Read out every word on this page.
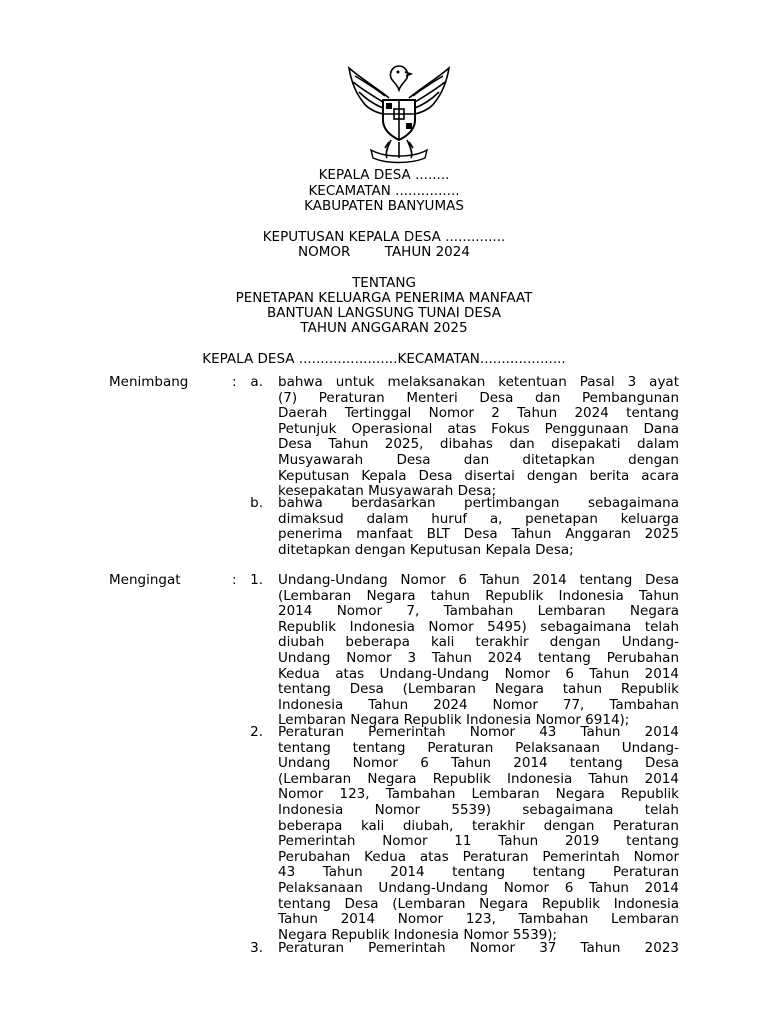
KEPALA DESA ........
KECAMATAN ...............
KABUPATEN BANYUMAS
KEPUTUSAN KEPALA DESA ..............
NOMOR        TAHUN 2024
TENTANG
PENETAPAN KELUARGA PENERIMA MANFAAT
BANTUAN LANGSUNG TUNAI DESA
TAHUN ANGGARAN 2025
KEPALA DESA .......................KECAMATAN....................
Menimbang	:	a. bahwa untuk melaksanakan ketentuan Pasal 3 ayat
(7) Peraturan Menteri Desa dan Pembangunan
Daerah Tertinggal Nomor 2 Tahun 2024 tentang
Petunjuk Operasional atas Fokus Penggunaan Dana
Desa Tahun 2025, dibahas dan disepakati dalam
Musyawarah Desa dan ditetapkan dengan
Keputusan Kepala Desa disertai dengan berita acara
kesepakatan Musyawarah Desa;
b. bahwa berdasarkan pertimbangan sebagaimana
dimaksud dalam huruf a, penetapan keluarga
penerima manfaat BLT Desa Tahun Anggaran 2025
ditetapkan dengan Keputusan Kepala Desa;
Mengingat	:	1. Undang-Undang Nomor 6 Tahun 2014 tentang Desa
(Lembaran Negara tahun Republik Indonesia Tahun
2014 Nomor 7, Tambahan Lembaran Negara
Republik Indonesia Nomor 5495) sebagaimana telah
diubah beberapa kali terakhir dengan Undang-
Undang Nomor 3 Tahun 2024 tentang Perubahan
Kedua atas Undang-Undang Nomor 6 Tahun 2014
tentang Desa (Lembaran Negara tahun Republik
Indonesia Tahun 2024 Nomor 77, Tambahan
Lembaran Negara Republik Indonesia Nomor 6914);
2. Peraturan Pemerintah Nomor 43 Tahun 2014
tentang tentang Peraturan Pelaksanaan Undang-
Undang Nomor 6 Tahun 2014 tentang Desa
(Lembaran Negara Republik Indonesia Tahun 2014
Nomor 123, Tambahan Lembaran Negara Republik
Indonesia Nomor 5539) sebagaimana telah
beberapa kali diubah, terakhir dengan Peraturan
Pemerintah Nomor 11 Tahun 2019 tentang
Perubahan Kedua atas Peraturan Pemerintah Nomor
43 Tahun 2014 tentang tentang Peraturan
Pelaksanaan Undang-Undang Nomor 6 Tahun 2014
tentang Desa (Lembaran Negara Republik Indonesia
Tahun 2014 Nomor 123, Tambahan Lembaran
Negara Republik Indonesia Nomor 5539);
3. Peraturan Pemerintah Nomor 37 Tahun 2023
